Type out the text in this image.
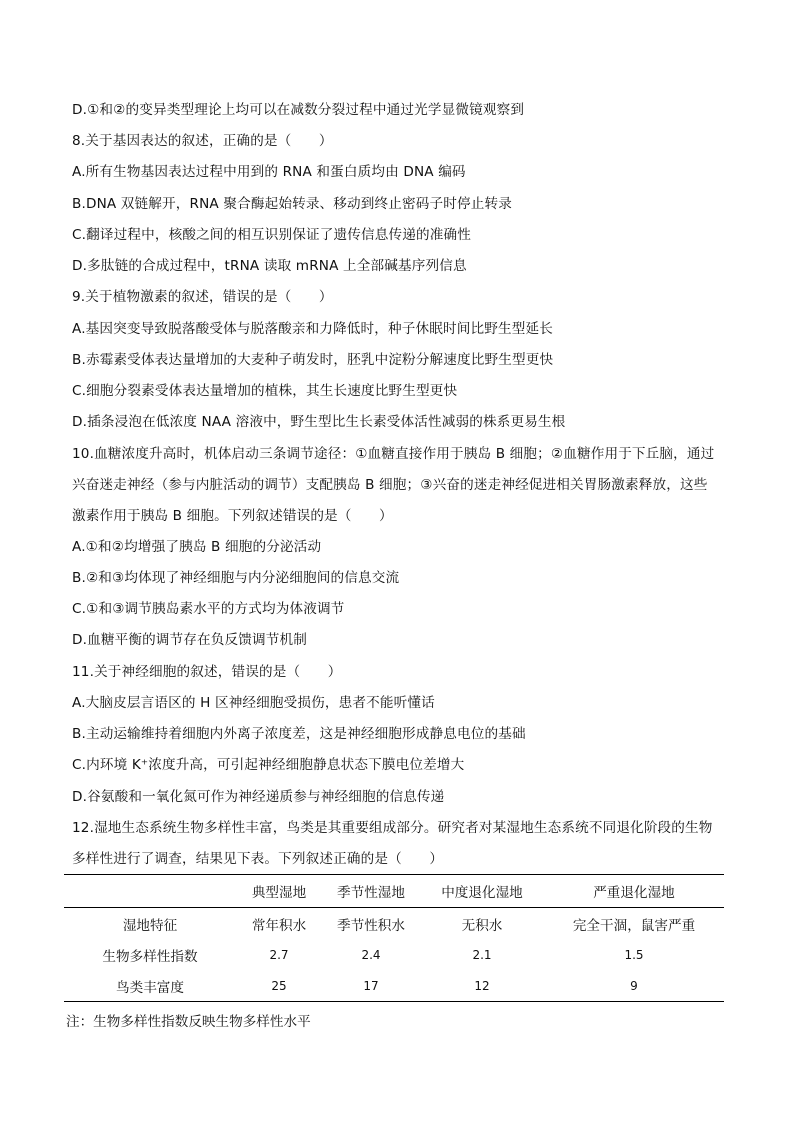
D.①和②的变异类型理论上均可以在减数分裂过程中通过光学显微镜观察到
8.关于基因表达的叙述，正确的是（　　）
A.所有生物基因表达过程中用到的 RNA 和蛋白质均由 DNA 编码
B.DNA 双链解开，RNA 聚合酶起始转录、移动到终止密码子时停止转录
C.翻译过程中，核酸之间的相互识别保证了遗传信息传递的准确性
D.多肽链的合成过程中，tRNA 读取 mRNA 上全部碱基序列信息
9.关于植物激素的叙述，错误的是（　　）
A.基因突变导致脱落酸受体与脱落酸亲和力降低时，种子休眠时间比野生型延长
B.赤霉素受体表达量增加的大麦种子萌发时，胚乳中淀粉分解速度比野生型更快
C.细胞分裂素受体表达量增加的植株，其生长速度比野生型更快
D.插条浸泡在低浓度 NAA 溶液中，野生型比生长素受体活性减弱的株系更易生根
10.血糖浓度升高时，机体启动三条调节途径：①血糖直接作用于胰岛 B 细胞；②血糖作用于下丘脑，通过
兴奋迷走神经（参与内脏活动的调节）支配胰岛 B 细胞；③兴奋的迷走神经促进相关胃肠激素释放，这些
激素作用于胰岛 B 细胞。下列叙述错误的是（　　）
A.①和②均增强了胰岛 B 细胞的分泌活动
B.②和③均体现了神经细胞与内分泌细胞间的信息交流
C.①和③调节胰岛素水平的方式均为体液调节
D.血糖平衡的调节存在负反馈调节机制
11.关于神经细胞的叙述，错误的是（　　）
A.大脑皮层言语区的 H 区神经细胞受损伤，患者不能听懂话
B.主动运输维持着细胞内外离子浓度差，这是神经细胞形成静息电位的基础
C.内环境 K⁺浓度升高，可引起神经细胞静息状态下膜电位差增大
D.谷氨酸和一氧化氮可作为神经递质参与神经细胞的信息传递
12.湿地生态系统生物多样性丰富，鸟类是其重要组成部分。研究者对某湿地生态系统不同退化阶段的生物
多样性进行了调查，结果见下表。下列叙述正确的是（　　）
	典型湿地	季节性湿地	中度退化湿地	严重退化湿地
湿地特征	常年积水	季节性积水	无积水	完全干涸，鼠害严重
生物多样性指数	2.7	2.4	2.1	1.5
鸟类丰富度	25	17	12	9
注：生物多样性指数反映生物多样性水平
